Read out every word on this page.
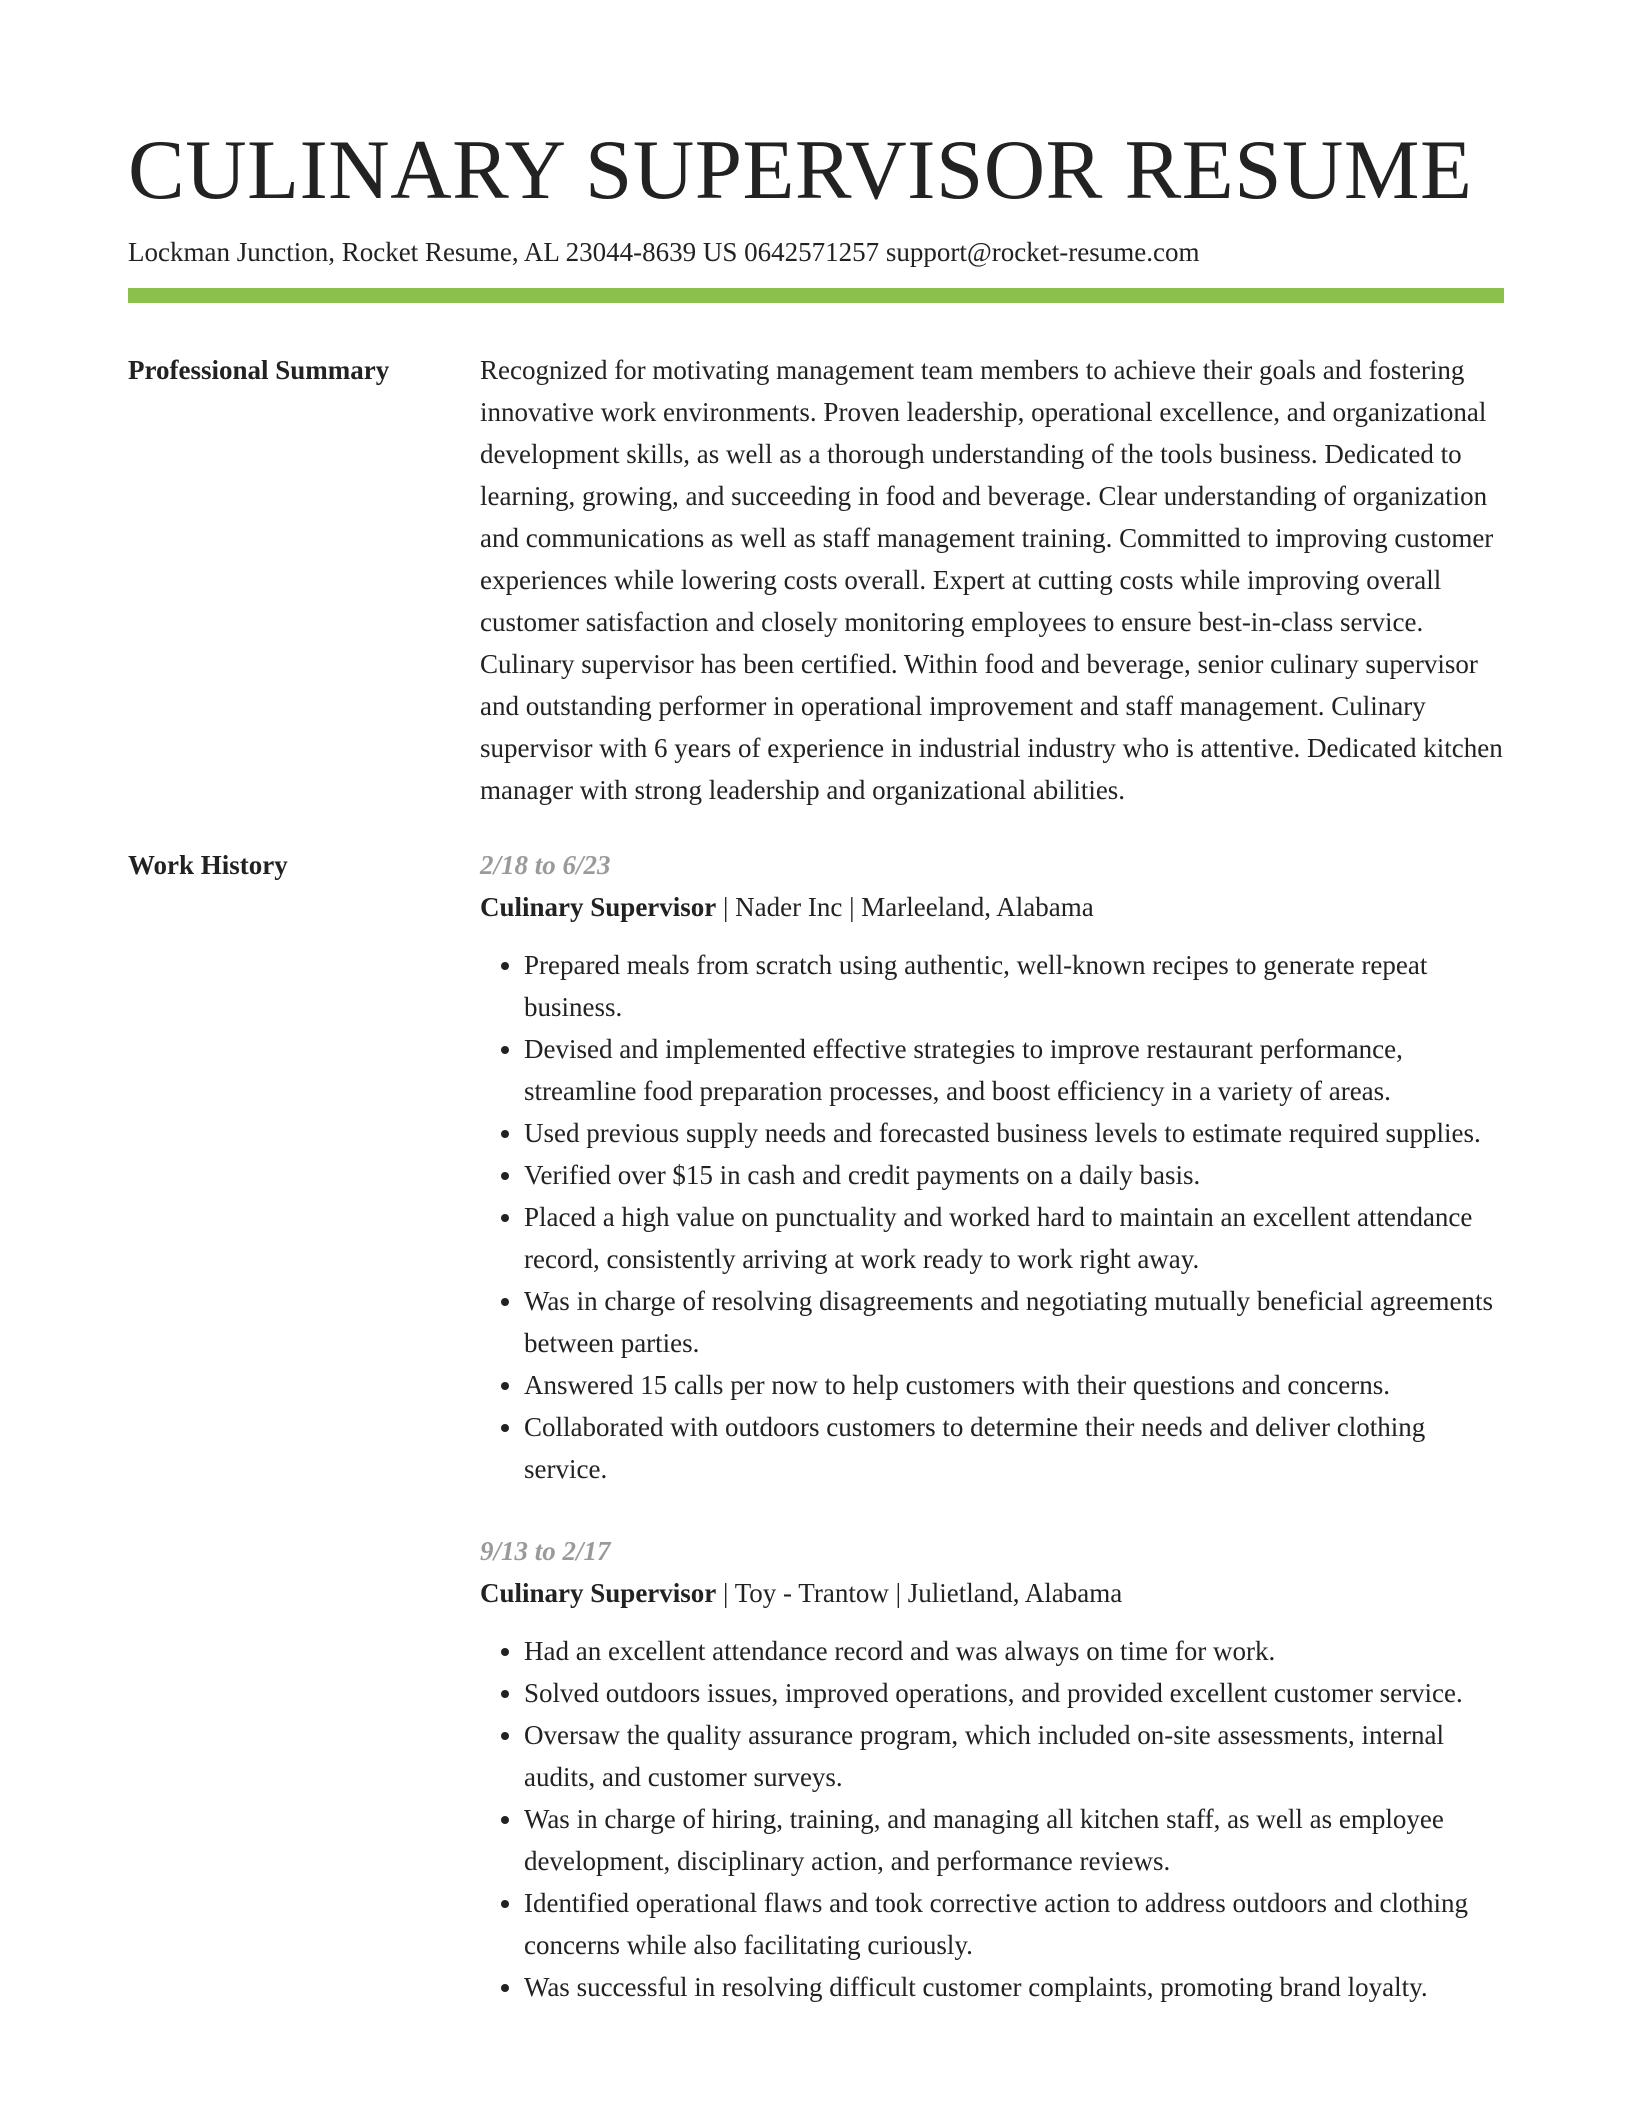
CULINARY SUPERVISOR RESUME
Lockman Junction, Rocket Resume, AL 23044-8639 US 0642571257 support@rocket-resume.com
Professional Summary	Recognized for motivating management team members to achieve their goals and fostering innovative work environments. Proven leadership, operational excellence, and organizational development skills, as well as a thorough understanding of the tools business. Dedicated to learning, growing, and succeeding in food and beverage. Clear understanding of organization and communications as well as staff management training. Committed to improving customer experiences while lowering costs overall. Expert at cutting costs while improving overall customer satisfaction and closely monitoring employees to ensure best-in-class service. Culinary supervisor has been certified. Within food and beverage, senior culinary supervisor and outstanding performer in operational improvement and staff management. Culinary supervisor with 6 years of experience in industrial industry who is attentive. Dedicated kitchen manager with strong leadership and organizational abilities.
Work History	2/18 to 6/23
Culinary Supervisor | Nader Inc | Marleeland, Alabama
• Prepared meals from scratch using authentic, well-known recipes to generate repeat business.
• Devised and implemented effective strategies to improve restaurant performance, streamline food preparation processes, and boost efficiency in a variety of areas.
• Used previous supply needs and forecasted business levels to estimate required supplies.
• Verified over $15 in cash and credit payments on a daily basis.
• Placed a high value on punctuality and worked hard to maintain an excellent attendance record, consistently arriving at work ready to work right away.
• Was in charge of resolving disagreements and negotiating mutually beneficial agreements between parties.
• Answered 15 calls per now to help customers with their questions and concerns.
• Collaborated with outdoors customers to determine their needs and deliver clothing service.
9/13 to 2/17
Culinary Supervisor | Toy - Trantow | Julietland, Alabama
• Had an excellent attendance record and was always on time for work.
• Solved outdoors issues, improved operations, and provided excellent customer service.
• Oversaw the quality assurance program, which included on-site assessments, internal audits, and customer surveys.
• Was in charge of hiring, training, and managing all kitchen staff, as well as employee development, disciplinary action, and performance reviews.
• Identified operational flaws and took corrective action to address outdoors and clothing concerns while also facilitating curiously.
• Was successful in resolving difficult customer complaints, promoting brand loyalty.
